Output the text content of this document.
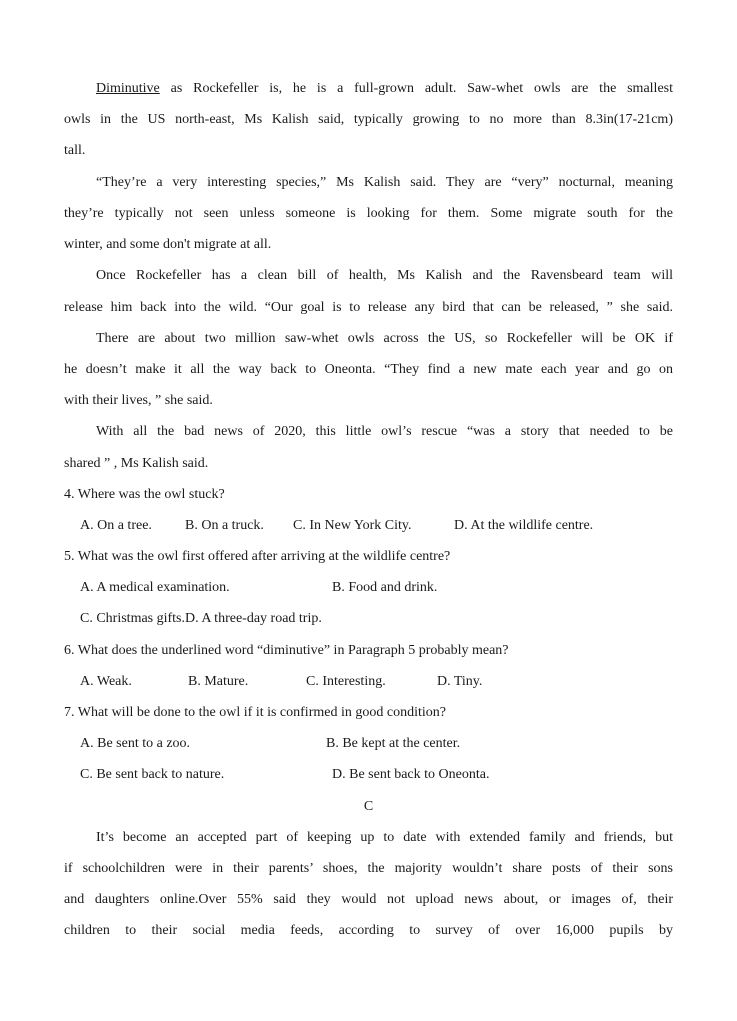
Diminutive as Rockefeller is, he is a full-grown adult. Saw-whet owls are the smallest
owls in the US north-east, Ms Kalish said, typically growing to no more than 8.3in(17-21cm)
tall.
“They’re a very interesting species,” Ms Kalish said. They are “very” nocturnal, meaning
they’re typically not seen unless someone is looking for them. Some migrate south for the
winter, and some don't migrate at all.
Once Rockefeller has a clean bill of health, Ms Kalish and the Ravensbeard team will
release him back into the wild. “Our goal is to release any bird that can be released, ” she said.
There are about two million saw-whet owls across the US, so Rockefeller will be OK if
he doesn’t make it all the way back to Oneonta. “They find a new mate each year and go on
with their lives, ” she said.
With all the bad news of 2020, this little owl’s rescue “was a story that needed to be
shared ” , Ms Kalish said.
4. Where was the owl stuck?
A. On a tree. B. On a truck. C. In New York City.	D. At the wildlife centre.
5. What was the owl first offered after arriving at the wildlife centre?
A. A medical examination.	B. Food and drink.
C. Christmas gifts.D. A three-day road trip.
6. What does the underlined word “diminutive” in Paragraph 5 probably mean?
A. Weak.	B. Mature.	C. Interesting.	D. Tiny.
7. What will be done to the owl if it is confirmed in good condition?
A. Be sent to a zoo.	B. Be kept at the center.
C. Be sent back to nature.	D. Be sent back to Oneonta.
C
It’s become an accepted part of keeping up to date with extended family and friends, but
if schoolchildren were in their parents’ shoes, the majority wouldn’t share posts of their sons
and daughters online.Over 55% said they would not upload news about, or images of, their
children to their social media feeds, according to survey of over 16,000 pupils by
